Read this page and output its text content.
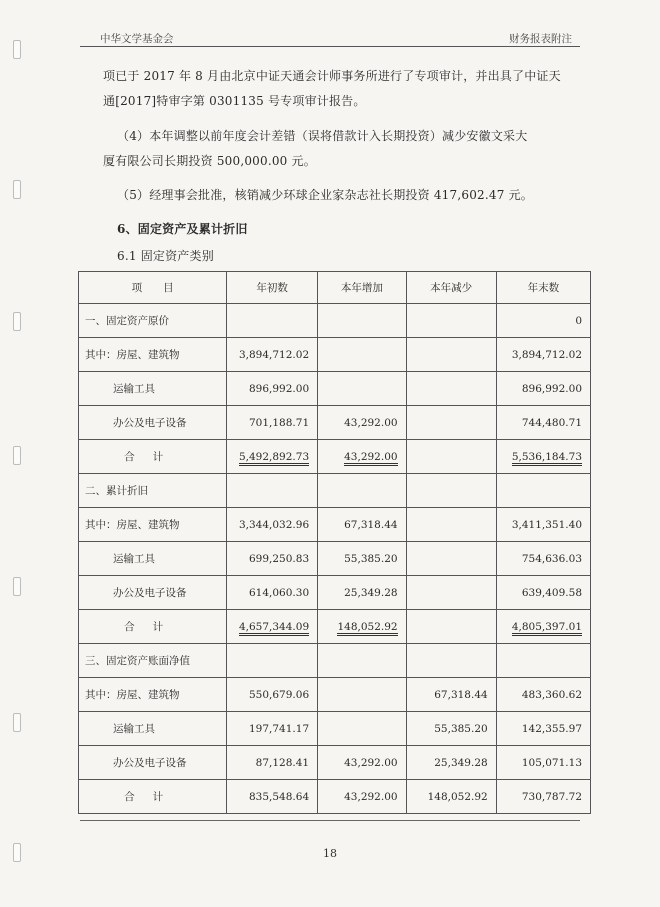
中华文学基金会	财务报表附注
项已于 2017 年 8 月由北京中证天通会计师事务所进行了专项审计，并出具了中证天
通[2017]特审字第 0301135 号专项审计报告。
（4）本年调整以前年度会计差错（误将借款计入长期投资）减少安徽文采大
厦有限公司长期投资 500,000.00 元。
（5）经理事会批准，核销减少环球企业家杂志社长期投资 417,602.47 元。
6、固定资产及累计折旧
6.1 固定资产类别
项　　目	年初数	本年增加	本年减少	年末数
一、固定资产原价				0
其中：房屋、建筑物	3,894,712.02			3,894,712.02
运输工具	896,992.00			896,992.00
办公及电子设备	701,188.71	43,292.00		744,480.71
合计	5,492,892.73	43,292.00		5,536,184.73
二、累计折旧				
其中：房屋、建筑物	3,344,032.96	67,318.44		3,411,351.40
运输工具	699,250.83	55,385.20		754,636.03
办公及电子设备	614,060.30	25,349.28		639,409.58
合计	4,657,344.09	148,052.92		4,805,397.01
三、固定资产账面净值				
其中：房屋、建筑物	550,679.06		67,318.44	483,360.62
运输工具	197,741.17		55,385.20	142,355.97
办公及电子设备	87,128.41	43,292.00	25,349.28	105,071.13
合计	835,548.64	43,292.00	148,052.92	730,787.72
18
